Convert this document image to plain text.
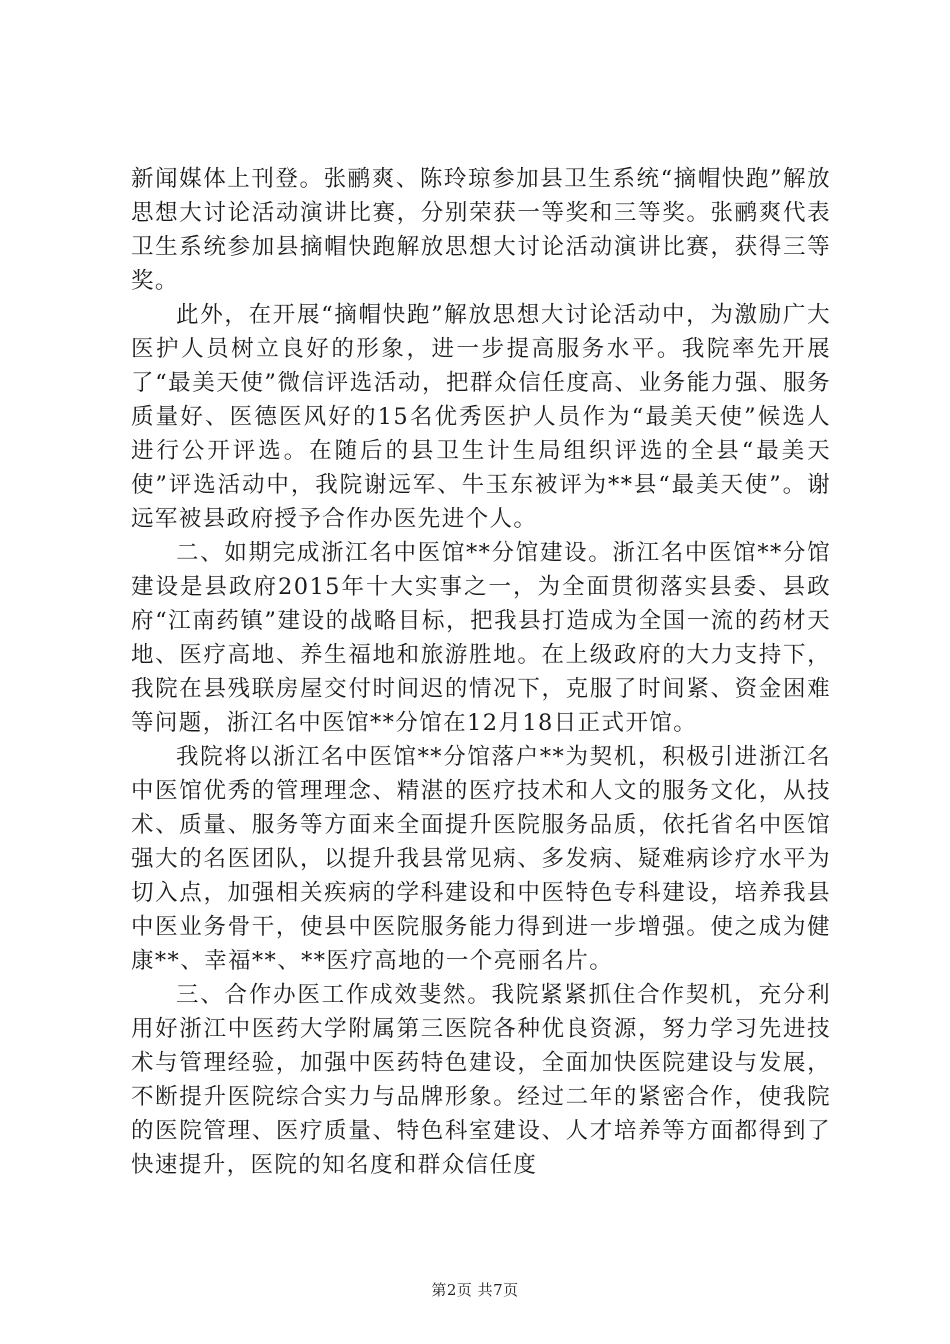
新闻媒体上刊登。张鹂爽、陈玲琼参加县卫生系统“摘帽快跑”解放思想大讨论活动演讲比赛，分别荣获一等奖和三等奖。张鹂爽代表卫生系统参加县摘帽快跑解放思想大讨论活动演讲比赛，获得三等奖。

此外，在开展“摘帽快跑”解放思想大讨论活动中，为激励广大医护人员树立良好的形象，进一步提高服务水平。我院率先开展了“最美天使”微信评选活动，把群众信任度高、业务能力强、服务质量好、医德医风好的15名优秀医护人员作为“最美天使”候选人进行公开评选。在随后的县卫生计生局组织评选的全县“最美天使”评选活动中，我院谢远军、牛玉东被评为**县“最美天使”。谢远军被县政府授予合作办医先进个人。

二、如期完成浙江名中医馆**分馆建设。浙江名中医馆**分馆建设是县政府2015年十大实事之一，为全面贯彻落实县委、县政府“江南药镇”建设的战略目标，把我县打造成为全国一流的药材天地、医疗高地、养生福地和旅游胜地。在上级政府的大力支持下，我院在县残联房屋交付时间迟的情况下，克服了时间紧、资金困难等问题，浙江名中医馆**分馆在12月18日正式开馆。

我院将以浙江名中医馆**分馆落户**为契机，积极引进浙江名中医馆优秀的管理理念、精湛的医疗技术和人文的服务文化，从技术、质量、服务等方面来全面提升医院服务品质，依托省名中医馆强大的名医团队，以提升我县常见病、多发病、疑难病诊疗水平为切入点，加强相关疾病的学科建设和中医特色专科建设，培养我县中医业务骨干，使县中医院服务能力得到进一步增强。使之成为健康**、幸福**、**医疗高地的一个亮丽名片。

三、合作办医工作成效斐然。我院紧紧抓住合作契机，充分利用好浙江中医药大学附属第三医院各种优良资源，努力学习先进技术与管理经验，加强中医药特色建设，全面加快医院建设与发展，不断提升医院综合实力与品牌形象。经过二年的紧密合作，使我院的医院管理、医疗质量、特色科室建设、人才培养等方面都得到了快速提升，医院的知名度和群众信任度

第2页 共7页
